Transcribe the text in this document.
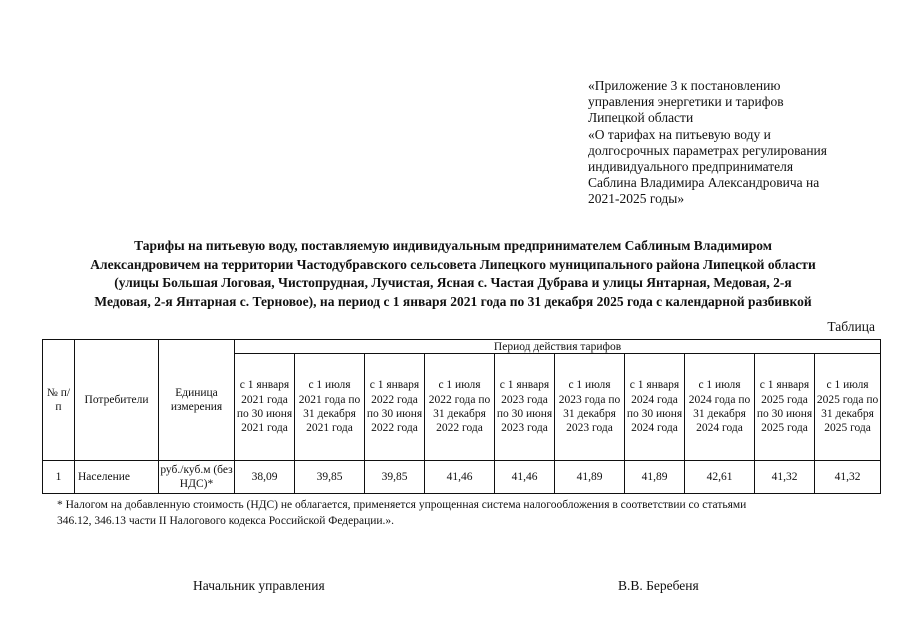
«Приложение 3 к постановлению
управления энергетики и тарифов
Липецкой области
«О тарифах на питьевую воду и
долгосрочных параметрах регулирования
индивидуального предпринимателя
Саблина Владимира Александровича на
2021-2025 годы»
Тарифы на питьевую воду, поставляемую индивидуальным предпринимателем Саблиным Владимиром
Александровичем на территории Частодубравского сельсовета Липецкого муниципального района Липецкой области
(улицы Большая Логовая, Чистопрудная, Лучистая, Ясная с. Частая Дубрава и улицы Янтарная, Медовая, 2-я
Медовая, 2-я Янтарная с. Терновое), на период с 1 января 2021 года по 31 декабря 2025 года с календарной разбивкой
Таблица
№ п/п	Потребители	Единица измерения	Период действия тарифов									
			с 1 января 2021 года по 30 июня 2021 года	с 1 июля 2021 года по 31 декабря 2021 года	с 1 января 2022 года по 30 июня 2022 года	с 1 июля 2022 года по 31 декабря 2022 года	с 1 января 2023 года по 30 июня 2023 года	с 1 июля 2023 года по 31 декабря 2023 года	с 1 января 2024 года по 30 июня 2024 года	с 1 июля 2024 года по 31 декабря 2024 года	с 1 января 2025 года по 30 июня 2025 года	с 1 июля 2025 года по 31 декабря 2025 года
1	Население	руб./куб.м (без НДС)*	38,09	39,85	39,85	41,46	41,46	41,89	41,89	42,61	41,32	41,32
* Налогом на добавленную стоимость (НДС) не облагается, применяется упрощенная система налогообложения в соответствии со статьями
346.12, 346.13 части II Налогового кодекса Российской Федерации.».
Начальник управления	В.В. Беребеня
